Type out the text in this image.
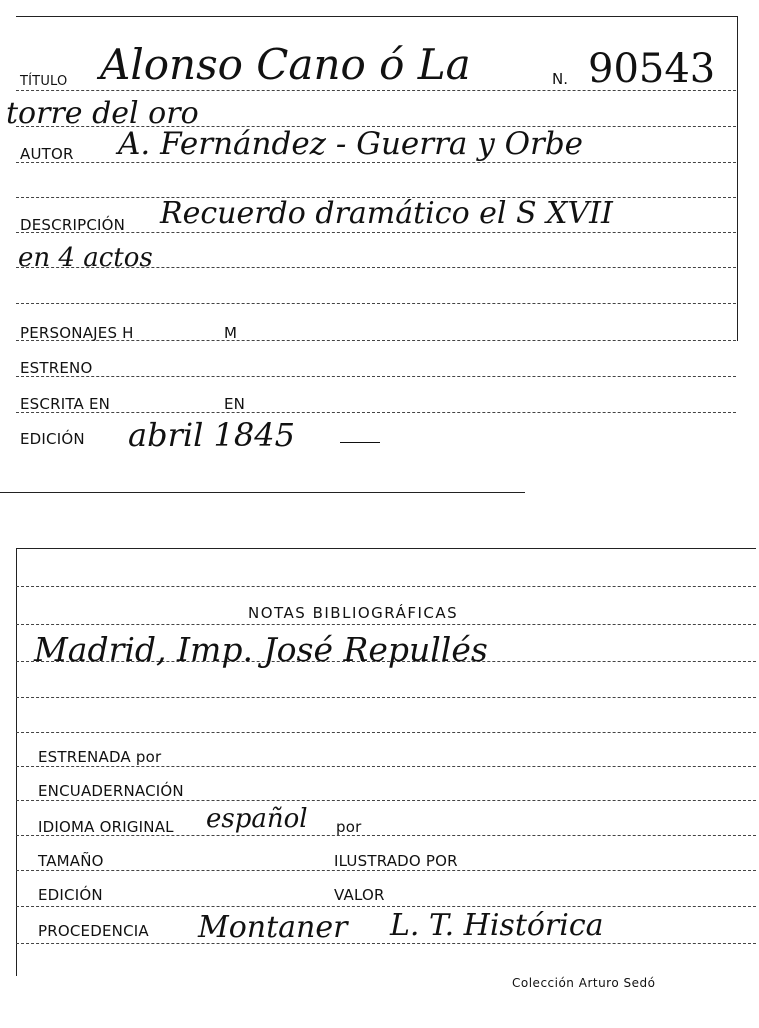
TÍTULO Alonso Cano ó La	N. 90543
torre del oro
AUTOR A. Fernández - Guerra y Orbe
DESCRIPCIÓN Recuerdo dramático el S XVII
en 4 actos
PERSONAJES H	M
ESTRENO
ESCRITA EN	EN
EDICIÓN abril 1845
NOTAS BIBLIOGRÁFICAS
Madrid, Imp. José Repullés
ESTRENADA por
ENCUADERNACIÓN
IDIOMA ORIGINAL español por
TAMAÑO	ILUSTRADO POR
EDICIÓN	VALOR
PROCEDENCIA Montaner L. T. Histórica
Colección Arturo Sedó
